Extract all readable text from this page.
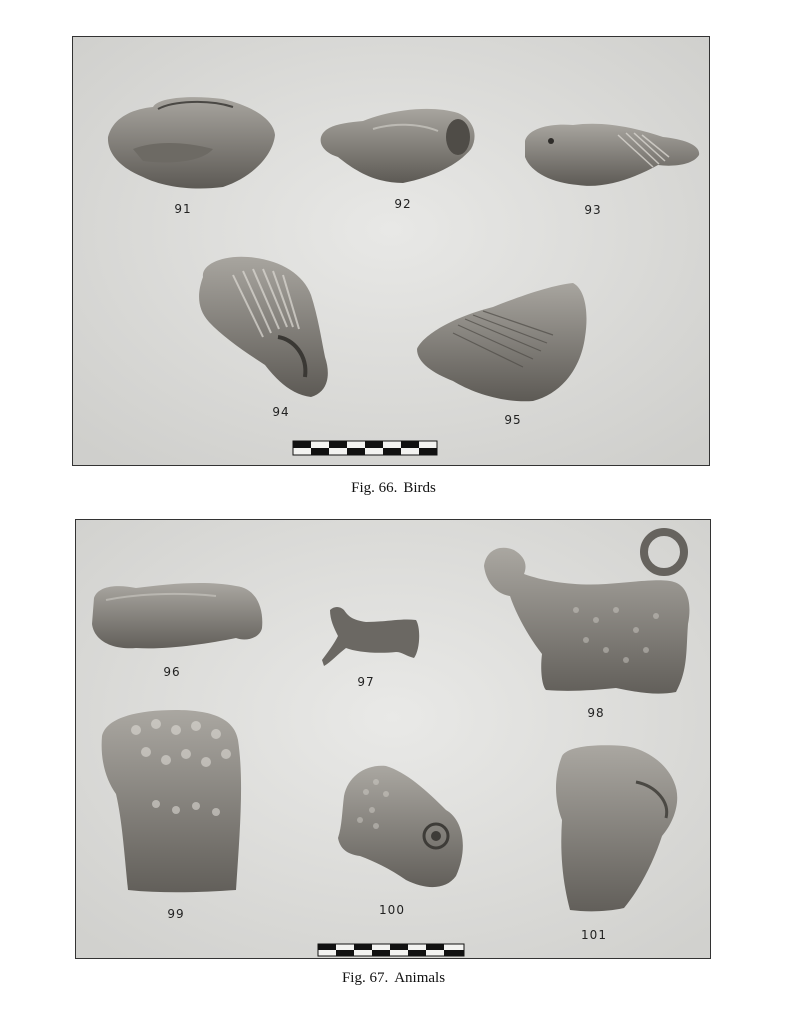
91	92	93
94
95
Fig. 66. Birds
96
97
98
99	100
101
Fig. 67. Animals
